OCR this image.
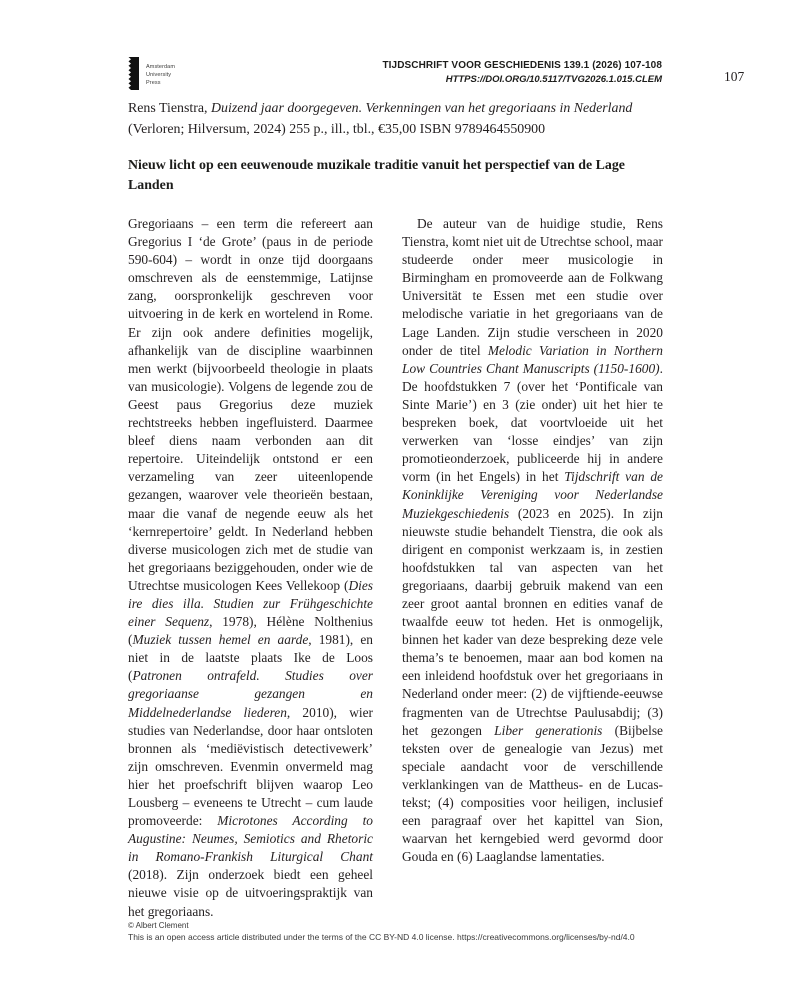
Amsterdam
University
Press
TIJDSCHRIFT VOOR GESCHIEDENIS 139.1 (2026) 107-108
HTTPS://DOI.ORG/10.5117/TVG2026.1.015.CLEM	107

Rens Tienstra, Duizend jaar doorgegeven. Verkenningen van het gregoriaans in Nederland (Verloren; Hilversum, 2024) 255 p., ill., tbl., €35,00 ISBN 9789464550900

Nieuw licht op een eeuwenoude muzikale traditie vanuit het perspectief van de Lage Landen
Gregoriaans – een term die refereert aan Gregorius I ‘de Grote’ (paus in de periode 590-604) – wordt in onze tijd doorgaans omschreven als de eenstemmige, Latijnse zang, oorspronkelijk geschreven voor uitvoering in de kerk en wortelend in Rome. Er zijn ook andere definities mogelijk, afhankelijk van de discipline waarbinnen men werkt (bijvoorbeeld theologie in plaats van musicologie). Volgens de legende zou de Geest paus Gregorius deze muziek rechtstreeks hebben ingefluisterd. Daarmee bleef diens naam verbonden aan dit repertoire. Uiteindelijk ontstond er een verzameling van zeer uiteenlopende gezangen, waarover vele theorieën bestaan, maar die vanaf de negende eeuw als het ‘kernrepertoire’ geldt. In Nederland hebben diverse musicologen zich met de studie van het gregoriaans beziggehouden, onder wie de Utrechtse musicologen Kees Vellekoop (Dies ire dies illa. Studien zur Frühgeschichte einer Sequenz, 1978), Hélène Nolthenius (Muziek tussen hemel en aarde, 1981), en niet in de laatste plaats Ike de Loos (Patronen ontrafeld. Studies over gregoriaanse gezangen en Middelnederlandse liederen, 2010), wier studies van Nederlandse, door haar ontsloten bronnen als ‘mediëvistisch detectivewerk’ zijn omschreven. Evenmin onvermeld mag hier het proefschrift blijven waarop Leo Lousberg – eveneens te Utrecht – cum laude promoveerde: Microtones According to Augustine: Neumes, Semiotics and Rhetoric in Romano-Frankish Liturgical Chant (2018). Zijn onderzoek biedt een geheel nieuwe visie op de uitvoeringspraktijk van het gregoriaans.
De auteur van de huidige studie, Rens Tienstra, komt niet uit de Utrechtse school, maar studeerde onder meer musicologie in Birmingham en promoveerde aan de Folkwang Universität te Essen met een studie over melodische variatie in het gregoriaans van de Lage Landen. Zijn studie verscheen in 2020 onder de titel Melodic Variation in Northern Low Countries Chant Manuscripts (1150-1600). De hoofdstukken 7 (over het ‘Pontificale van Sinte Marie’) en 3 (zie onder) uit het hier te bespreken boek, dat voortvloeide uit het verwerken van ‘losse eindjes’ van zijn promotieonderzoek, publiceerde hij in andere vorm (in het Engels) in het Tijdschrift van de Koninklijke Vereniging voor Nederlandse Muziekgeschiedenis (2023 en 2025). In zijn nieuwste studie behandelt Tienstra, die ook als dirigent en componist werkzaam is, in zestien hoofdstukken tal van aspecten van het gregoriaans, daarbij gebruik makend van een zeer groot aantal bronnen en edities vanaf de twaalfde eeuw tot heden. Het is onmogelijk, binnen het kader van deze bespreking deze vele thema’s te benoemen, maar aan bod komen na een inleidend hoofdstuk over het gregoriaans in Nederland onder meer: (2) de vijftiende-eeuwse fragmenten van de Utrechtse Paulusabdij; (3) het gezongen Liber generationis (Bijbelse teksten over de genealogie van Jezus) met speciale aandacht voor de verschillende verklankingen van de Mattheus- en de Lucas-tekst; (4) composities voor heiligen, inclusief een paragraaf over het kapittel van Sion, waarvan het kerngebied werd gevormd door Gouda en (6) Laaglandse lamentaties.
© Albert Clement
This is an open access article distributed under the terms of the CC BY-ND 4.0 license. https://creativecommons.org/licenses/by-nd/4.0
